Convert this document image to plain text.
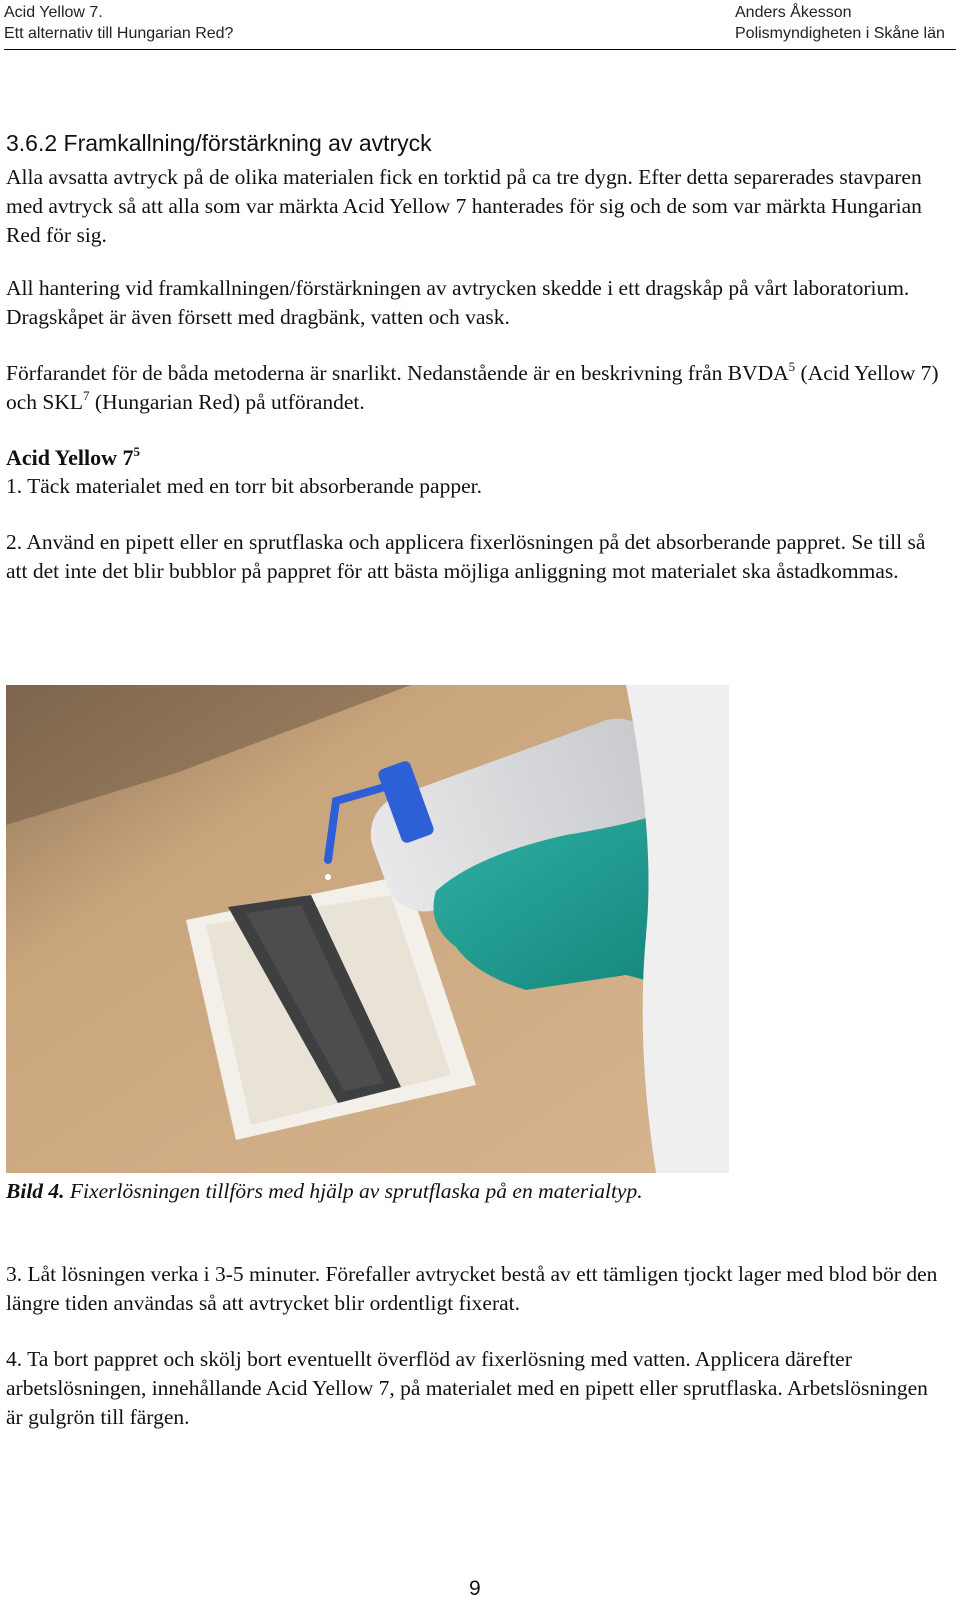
Acid Yellow 7.
Ett alternativ till Hungarian Red?
Anders Åkesson
Polismyndigheten i Skåne län
3.6.2 Framkallning/förstärkning av avtryck

Alla avsatta avtryck på de olika materialen fick en torktid på ca tre dygn. Efter detta separerades stavparen med avtryck så att alla som var märkta Acid Yellow 7 hanterades för sig och de som var märkta Hungarian Red för sig.

All hantering vid framkallningen/förstärkningen av avtrycken skedde i ett dragskåp på vårt laboratorium. Dragskåpet är även försett med dragbänk, vatten och vask.

Förfarandet för de båda metoderna är snarlikt. Nedanstående är en beskrivning från BVDA$^5$ (Acid Yellow 7) och SKL$^7$ (Hungarian Red) på utförandet.

Acid Yellow $7^5$

1. Täck materialet med en torr bit absorberande papper.

2. Använd en pipett eller en sprutflaska och applicera fixerlösningen på det absorberande pappret. Se till så att det inte det blir bubblor på pappret för att bästa möjliga anliggning mot materialet ska åstadkommas.

Bild 4. Fixerlösningen tillförs med hjälp av sprutflaska på en materialtyp.

3. Låt lösningen verka i 3-5 minuter. Förefaller avtrycket bestå av ett tämligen tjockt lager med blod bör den längre tiden användas så att avtrycket blir ordentligt fixerat.

4. Ta bort pappret och skölj bort eventuellt överflöd av fixerlösning med vatten. Applicera därefter arbetslösningen, innehållande Acid Yellow 7, på materialet med en pipett eller sprutflaska. Arbetslösningen är gulgrön till färgen.

9
